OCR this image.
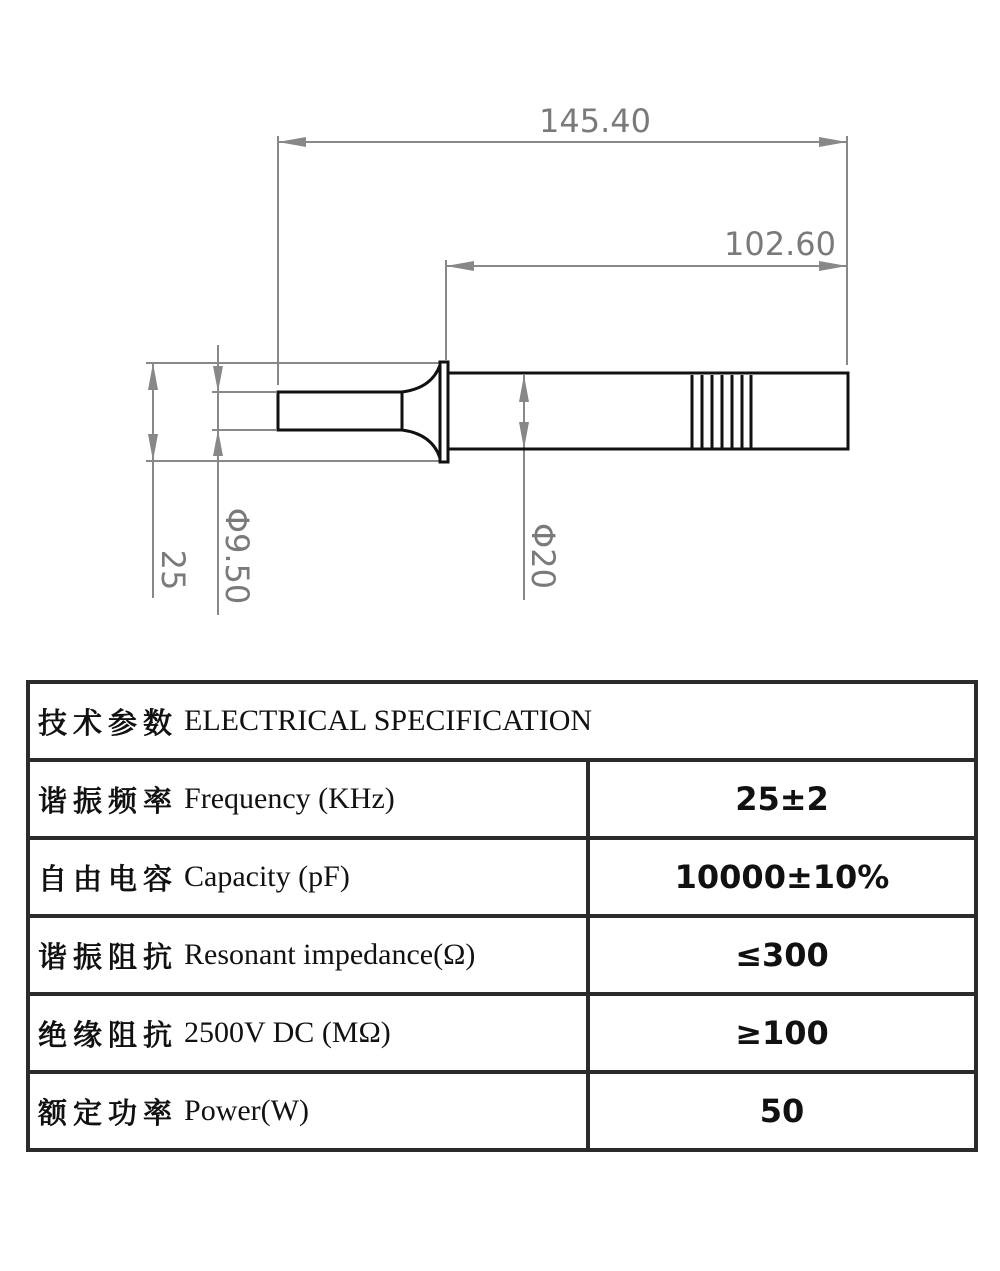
145.40
102.60
25 Φ9.50	Φ20
技术参数 ELECTRICAL SPECIFICATION	
谐振频率 Frequency (KHz)	25±2
自由电容 Capacity (pF)	10000±10%
谐振阻抗 Resonant impedance(Ω)	≤300
绝缘阻抗 2500V DC (MΩ)	≥100
额定功率 Power(W)	50
